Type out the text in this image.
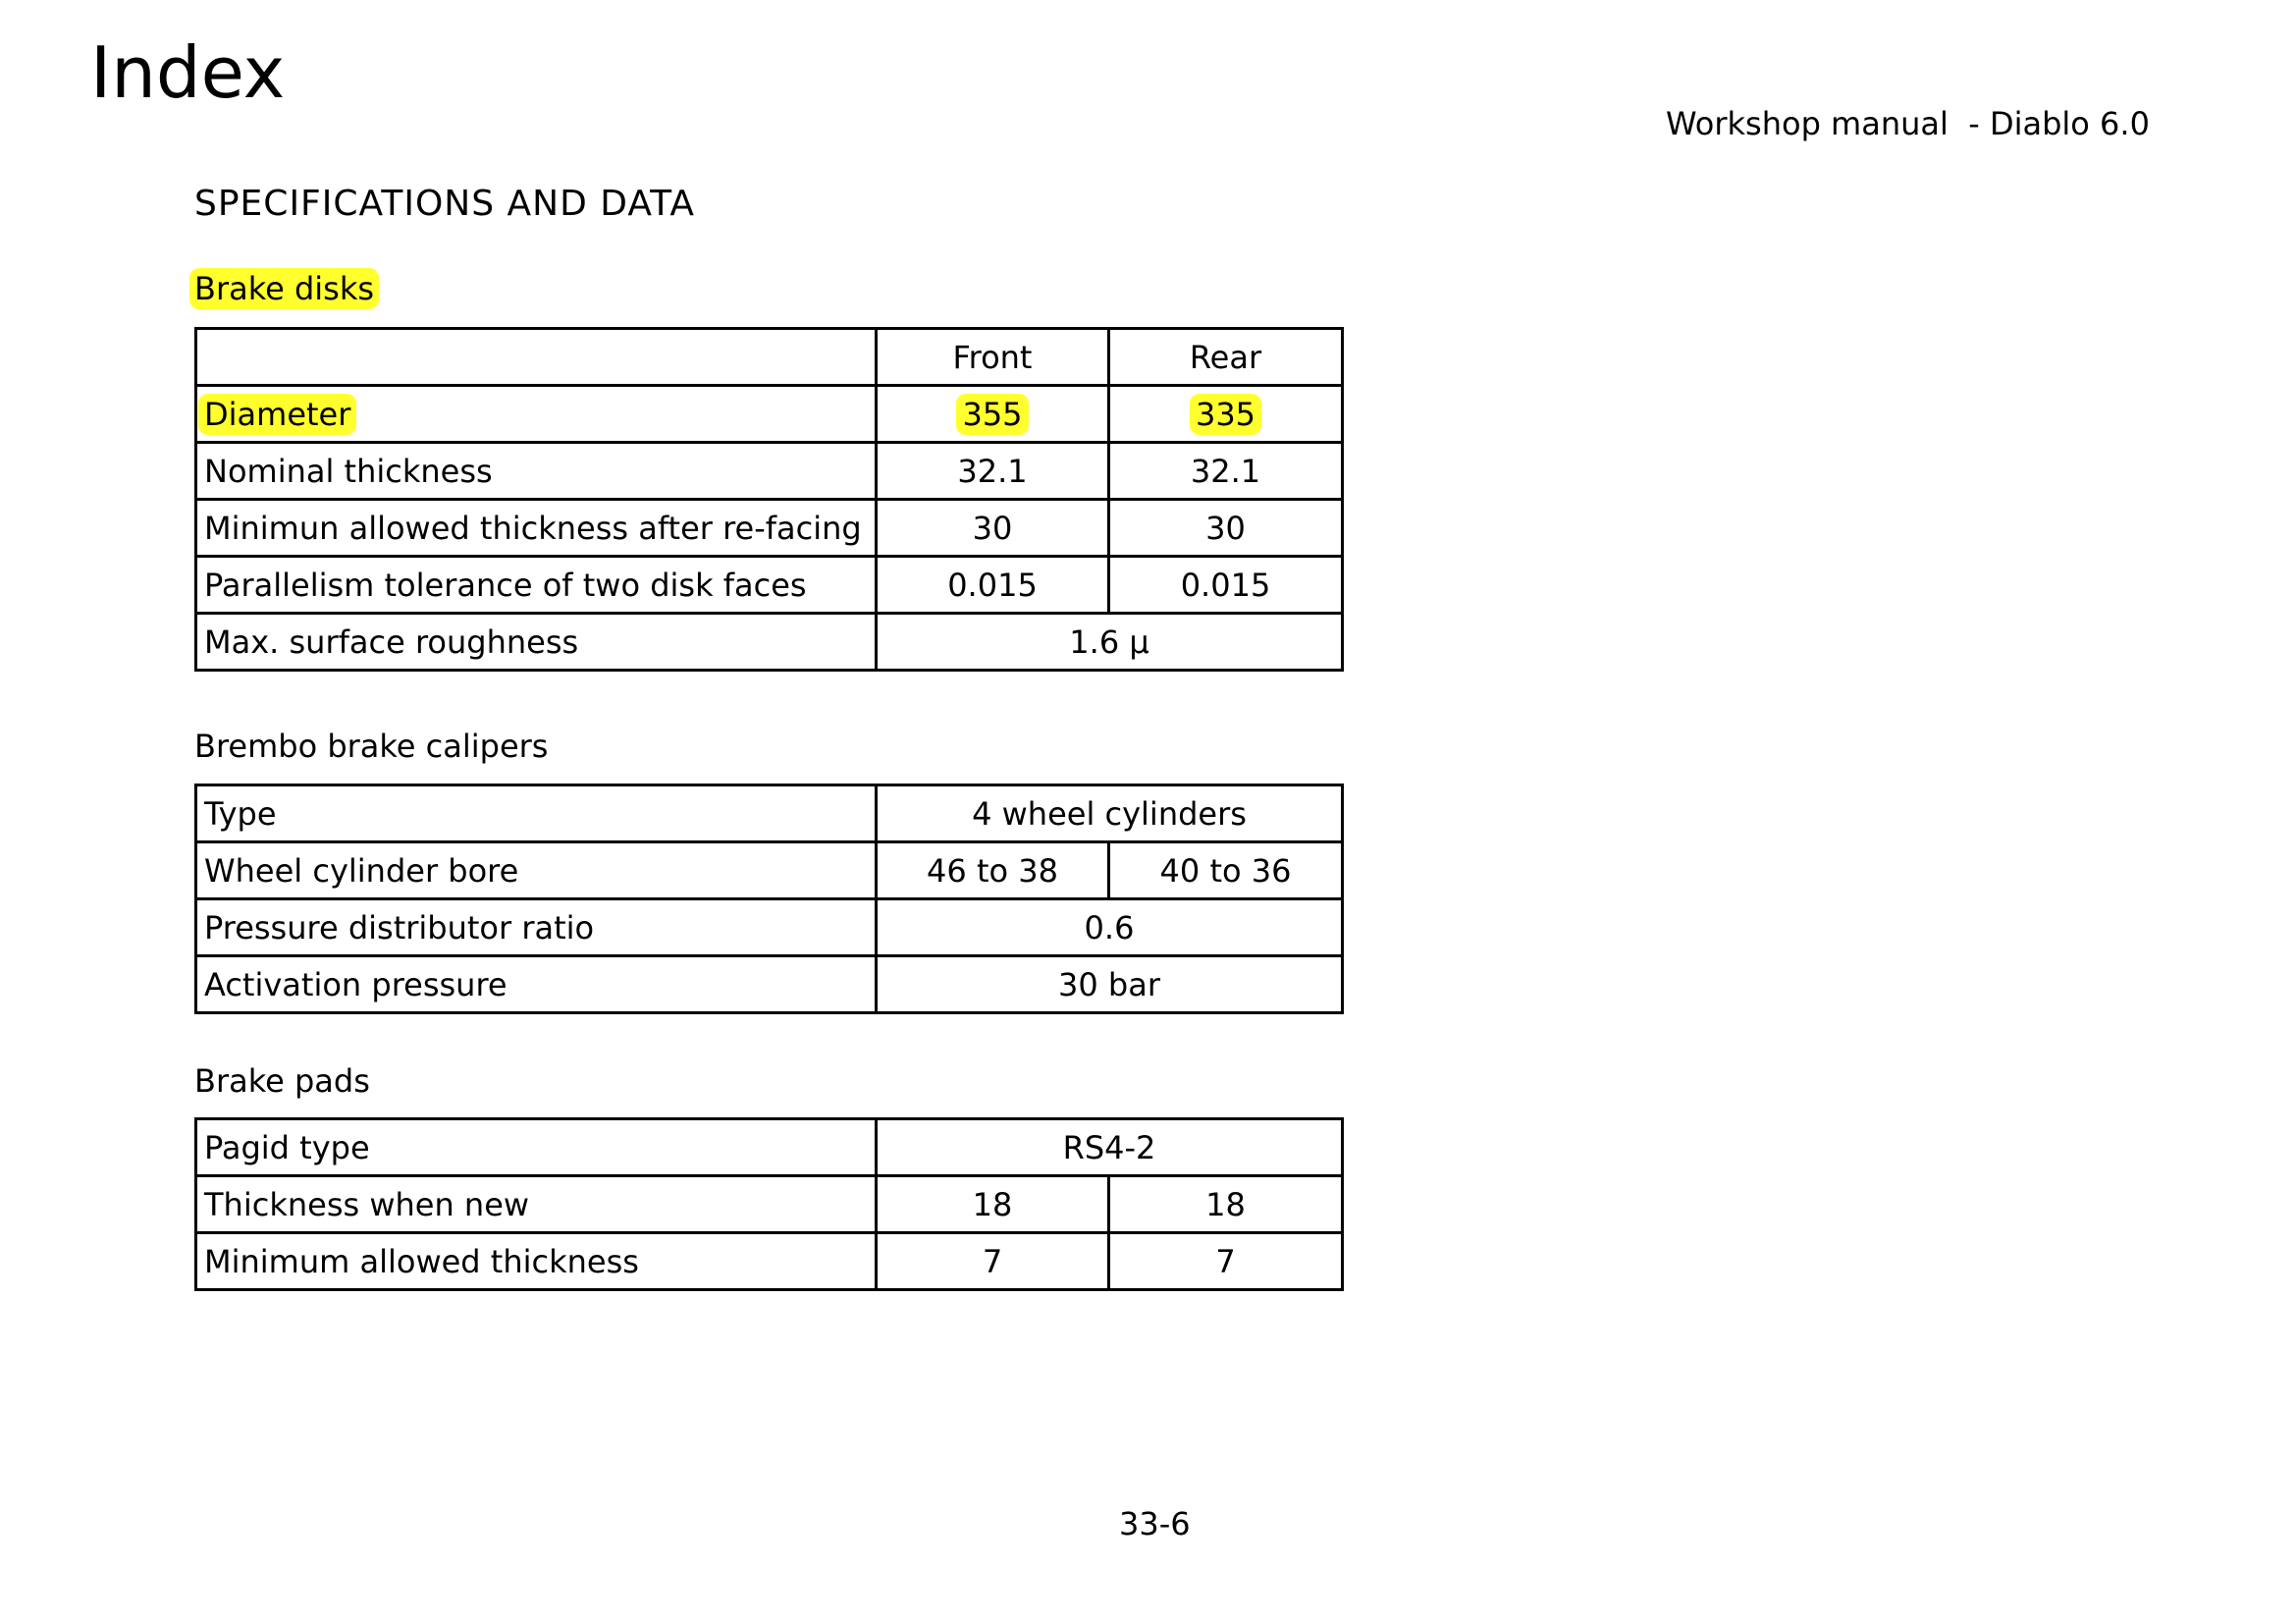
Index
Workshop manual  - Diablo 6.0
SPECIFICATIONS AND DATA
Brake disks
	Front	Rear
Diameter	355	335
Nominal thickness	32.1	32.1
Minimun allowed thickness after re-facing	30	30
Parallelism tolerance of two disk faces	0.015	0.015
Max. surface roughness	1.6 μ	
Brembo brake calipers
Type	4 wheel cylinders	
Wheel cylinder bore	46 to 38	40 to 36
Pressure distributor ratio	0.6	
Activation pressure	30 bar	
Brake pads
Pagid type	RS4-2	
Thickness when new	18	18
Minimum allowed thickness	7	7
33-6
